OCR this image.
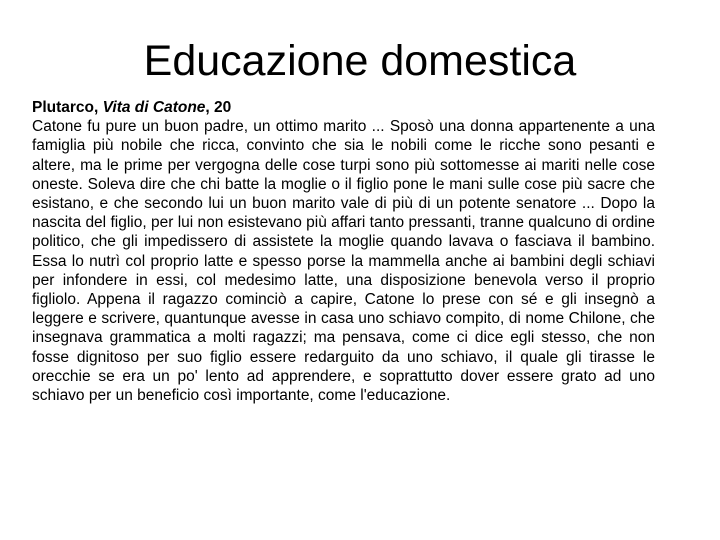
Educazione domestica

Plutarco, Vita di Catone, 20

Catone fu pure un buon padre, un ottimo marito ... Sposò una donna appartenente a una famiglia più nobile che ricca, convinto che sia le nobili come le ricche sono pesanti e altere, ma le prime per vergogna delle cose turpi sono più sottomesse ai mariti nelle cose oneste. Soleva dire che chi batte la moglie o il figlio pone le mani sulle cose più sacre che esistano, e che secondo lui un buon marito vale di più di un potente senatore ... Dopo la nascita del figlio, per lui non esistevano più affari tanto pressanti, tranne qualcuno di ordine politico, che gli impedissero di assistete la moglie quando lavava o fasciava il bambino. Essa lo nutrì col proprio latte e spesso porse la mammella anche ai bambini degli schiavi per infondere in essi, col medesimo latte, una disposizione benevola verso il proprio figliolo. Appena il ragazzo cominciò a capire, Catone lo prese con sé e gli insegnò a leggere e scrivere, quantunque avesse in casa uno schiavo compito, di nome Chilone, che insegnava grammatica a molti ragazzi; ma pensava, come ci dice egli stesso, che non fosse dignitoso per suo figlio essere redarguito da uno schiavo, il quale gli tirasse le orecchie se era un po' lento ad apprendere, e soprattutto dover essere grato ad uno schiavo per un beneficio così importante, come l'educazione.
